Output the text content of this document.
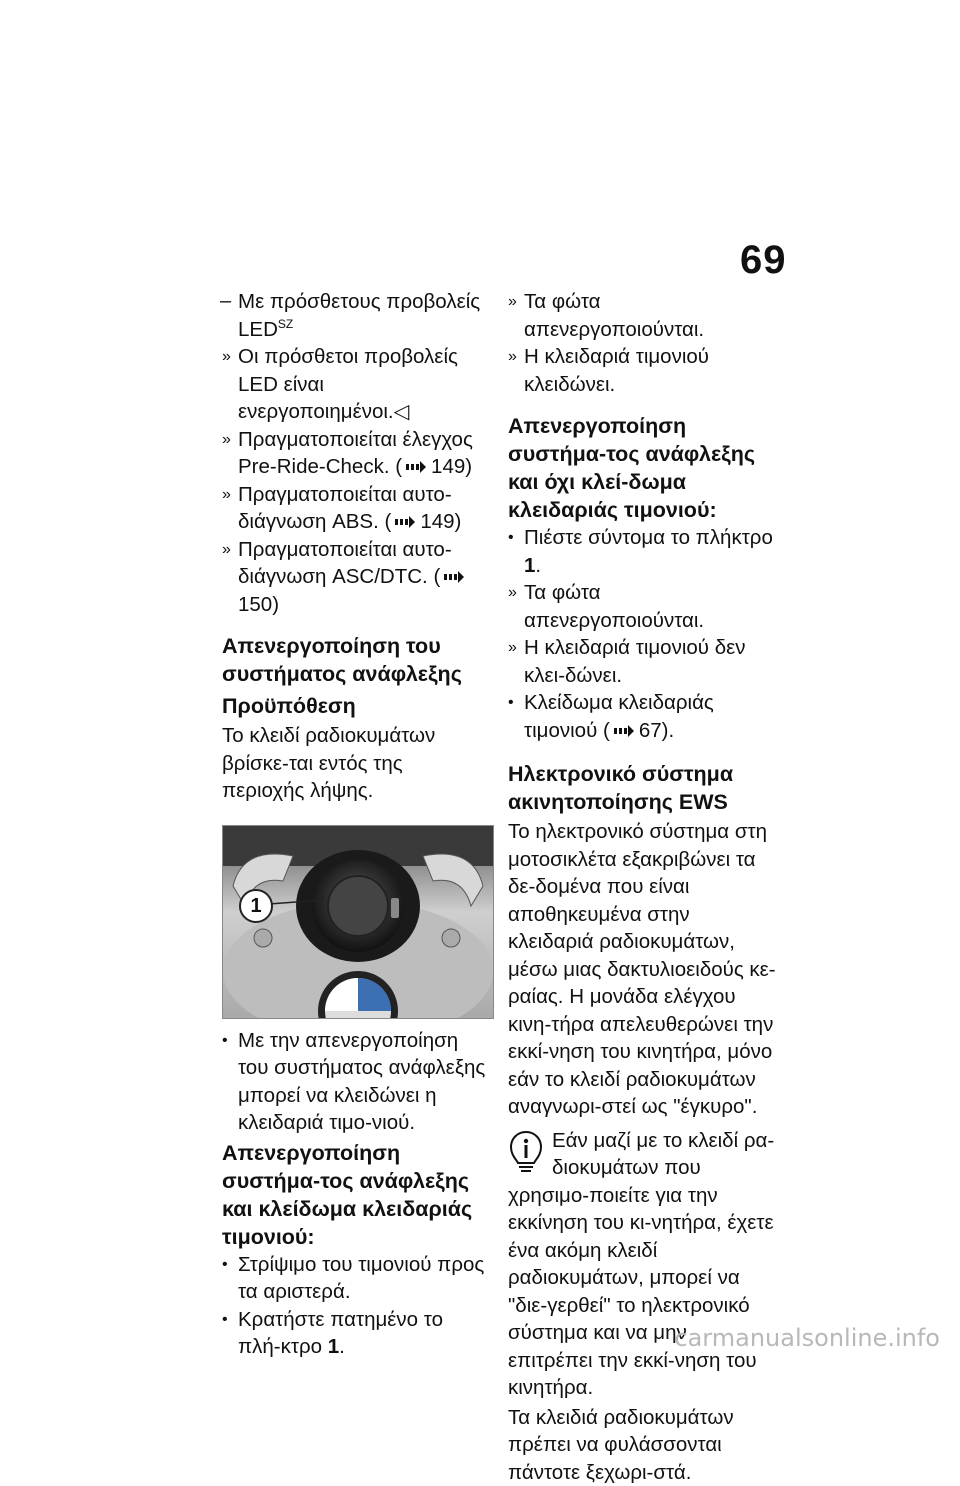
69
– Με πρόσθετους προβολείς $LED^{SZ}$
» Οι πρόσθετοι προβολείς LED είναι ενεργοποιημένοι.◁
» Πραγματοποιείται έλεγχος Pre-Ride-Check. ( 149)
» Πραγματοποιείται αυτο-διάγνωση ABS. ( 149)
» Πραγματοποιείται αυτο-διάγνωση ASC/DTC. (150)
Απενεργοποίηση του συστήματος ανάφλεξης
Προϋπόθεση
Το κλειδί ραδιοκυμάτων βρίσκε-ται εντός της περιοχής λήψης.
1
• Με την απενεργοποίηση του συστήματος ανάφλεξης μπορεί να κλειδώνει η κλειδαριά τιμο-νιού.
Απενεργοποίηση συστήμα-τος ανάφλεξης και κλείδωμα κλειδαριάς τιμονιού:
• Στρίψιμο του τιμονιού προς τα αριστερά.
• Κρατήστε πατημένο το πλή-κτρο 1.
» Τα φώτα απενεργοποιούνται.
» Η κλειδαριά τιμονιού κλειδώνει.
Απενεργοποίηση συστήμα-τος ανάφλεξης και όχι κλεί-δωμα κλειδαριάς τιμονιού:
• Πιέστε σύντομα το πλήκτρο 1.
» Τα φώτα απενεργοποιούνται.
» Η κλειδαριά τιμονιού δεν κλει-δώνει.
• Κλείδωμα κλειδαριάς τιμονιού ( 67).
Ηλεκτρονικό σύστημα ακινητοποίησης EWS
Το ηλεκτρονικό σύστημα στη μοτοσικλέτα εξακριβώνει τα δε-δομένα που είναι αποθηκευμένα στην κλειδαριά ραδιοκυμάτων, μέσω μιας δακτυλιοειδούς κε-ραίας. Η μονάδα ελέγχου κινη-τήρα απελευθερώνει την εκκί-νηση του κινητήρα, μόνο εάν το κλειδί ραδιοκυμάτων αναγνωρι-στεί ως "έγκυρο".
Εάν μαζί με το κλειδί ρα-διοκυμάτων που χρησιμο-ποιείτε για την εκκίνηση του κι-νητήρα, έχετε ένα ακόμη κλειδί ραδιοκυμάτων, μπορεί να "διε-γερθεί" το ηλεκτρονικό σύστημα και να μην επιτρέπει την εκκί-νηση του κινητήρα.
Τα κλειδιά ραδιοκυμάτων πρέπει να φυλάσσονται πάντοτε ξεχωρι-στά.
carmanualsonline.info
